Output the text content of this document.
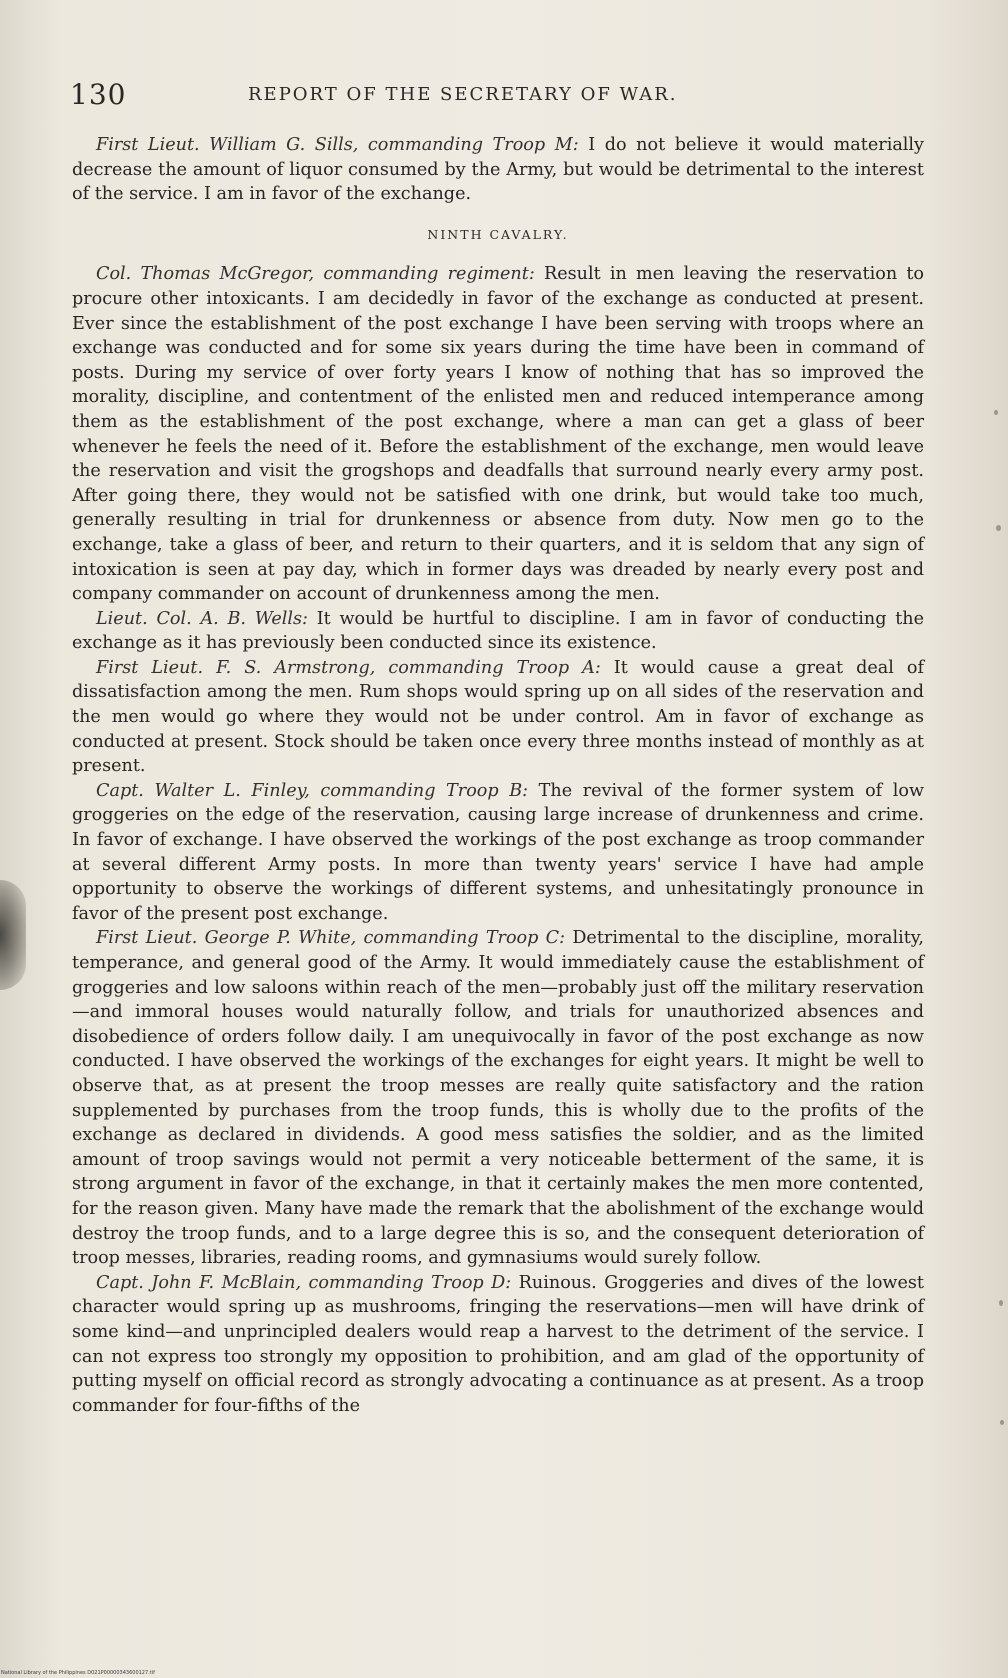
130	REPORT OF THE SECRETARY OF WAR.

First Lieut. William G. Sills, commanding Troop M: I do not believe it would materially decrease the amount of liquor consumed by the Army, but would be detrimental to the interest of the service. I am in favor of the exchange.

NINTH CAVALRY.

Col. Thomas McGregor, commanding regiment: Result in men leaving the reservation to procure other intoxicants. I am decidedly in favor of the exchange as conducted at present. Ever since the establishment of the post exchange I have been serving with troops where an exchange was conducted and for some six years during the time have been in command of posts. During my service of over forty years I know of nothing that has so improved the morality, discipline, and contentment of the enlisted men and reduced intemperance among them as the establishment of the post exchange, where a man can get a glass of beer whenever he feels the need of it. Before the establishment of the exchange, men would leave the reservation and visit the grogshops and deadfalls that surround nearly every army post. After going there, they would not be satisfied with one drink, but would take too much, generally resulting in trial for drunkenness or absence from duty. Now men go to the exchange, take a glass of beer, and return to their quarters, and it is seldom that any sign of intoxication is seen at pay day, which in former days was dreaded by nearly every post and company commander on account of drunkenness among the men.

Lieut. Col. A. B. Wells: It would be hurtful to discipline. I am in favor of conducting the exchange as it has previously been conducted since its existence.

First Lieut. F. S. Armstrong, commanding Troop A: It would cause a great deal of dissatisfaction among the men. Rum shops would spring up on all sides of the reservation and the men would go where they would not be under control. Am in favor of exchange as conducted at present. Stock should be taken once every three months instead of monthly as at present.

Capt. Walter L. Finley, commanding Troop B: The revival of the former system of low groggeries on the edge of the reservation, causing large increase of drunkenness and crime. In favor of exchange. I have observed the workings of the post exchange as troop commander at several different Army posts. In more than twenty years' service I have had ample opportunity to observe the workings of different systems, and unhesitatingly pronounce in favor of the present post exchange.

First Lieut. George P. White, commanding Troop C: Detrimental to the discipline, morality, temperance, and general good of the Army. It would immediately cause the establishment of groggeries and low saloons within reach of the men—probably just off the military reservation—and immoral houses would naturally follow, and trials for unauthorized absences and disobedience of orders follow daily. I am unequivocally in favor of the post exchange as now conducted. I have observed the workings of the exchanges for eight years. It might be well to observe that, as at present the troop messes are really quite satisfactory and the ration supplemented by purchases from the troop funds, this is wholly due to the profits of the exchange as declared in dividends. A good mess satisfies the soldier, and as the limited amount of troop savings would not permit a very noticeable betterment of the same, it is strong argument in favor of the exchange, in that it certainly makes the men more contented, for the reason given. Many have made the remark that the abolishment of the exchange would destroy the troop funds, and to a large degree this is so, and the consequent deterioration of troop messes, libraries, reading rooms, and gymnasiums would surely follow.

Capt. John F. McBlain, commanding Troop D: Ruinous. Groggeries and dives of the lowest character would spring up as mushrooms, fringing the reservations—men will have drink of some kind—and unprincipled dealers would reap a harvest to the detriment of the service. I can not express too strongly my opposition to prohibition, and am glad of the opportunity of putting myself on official record as strongly advocating a continuance as at present. As a troop commander for four-fifths of the

National Library of the Philippines D021P00000343600127.tif
